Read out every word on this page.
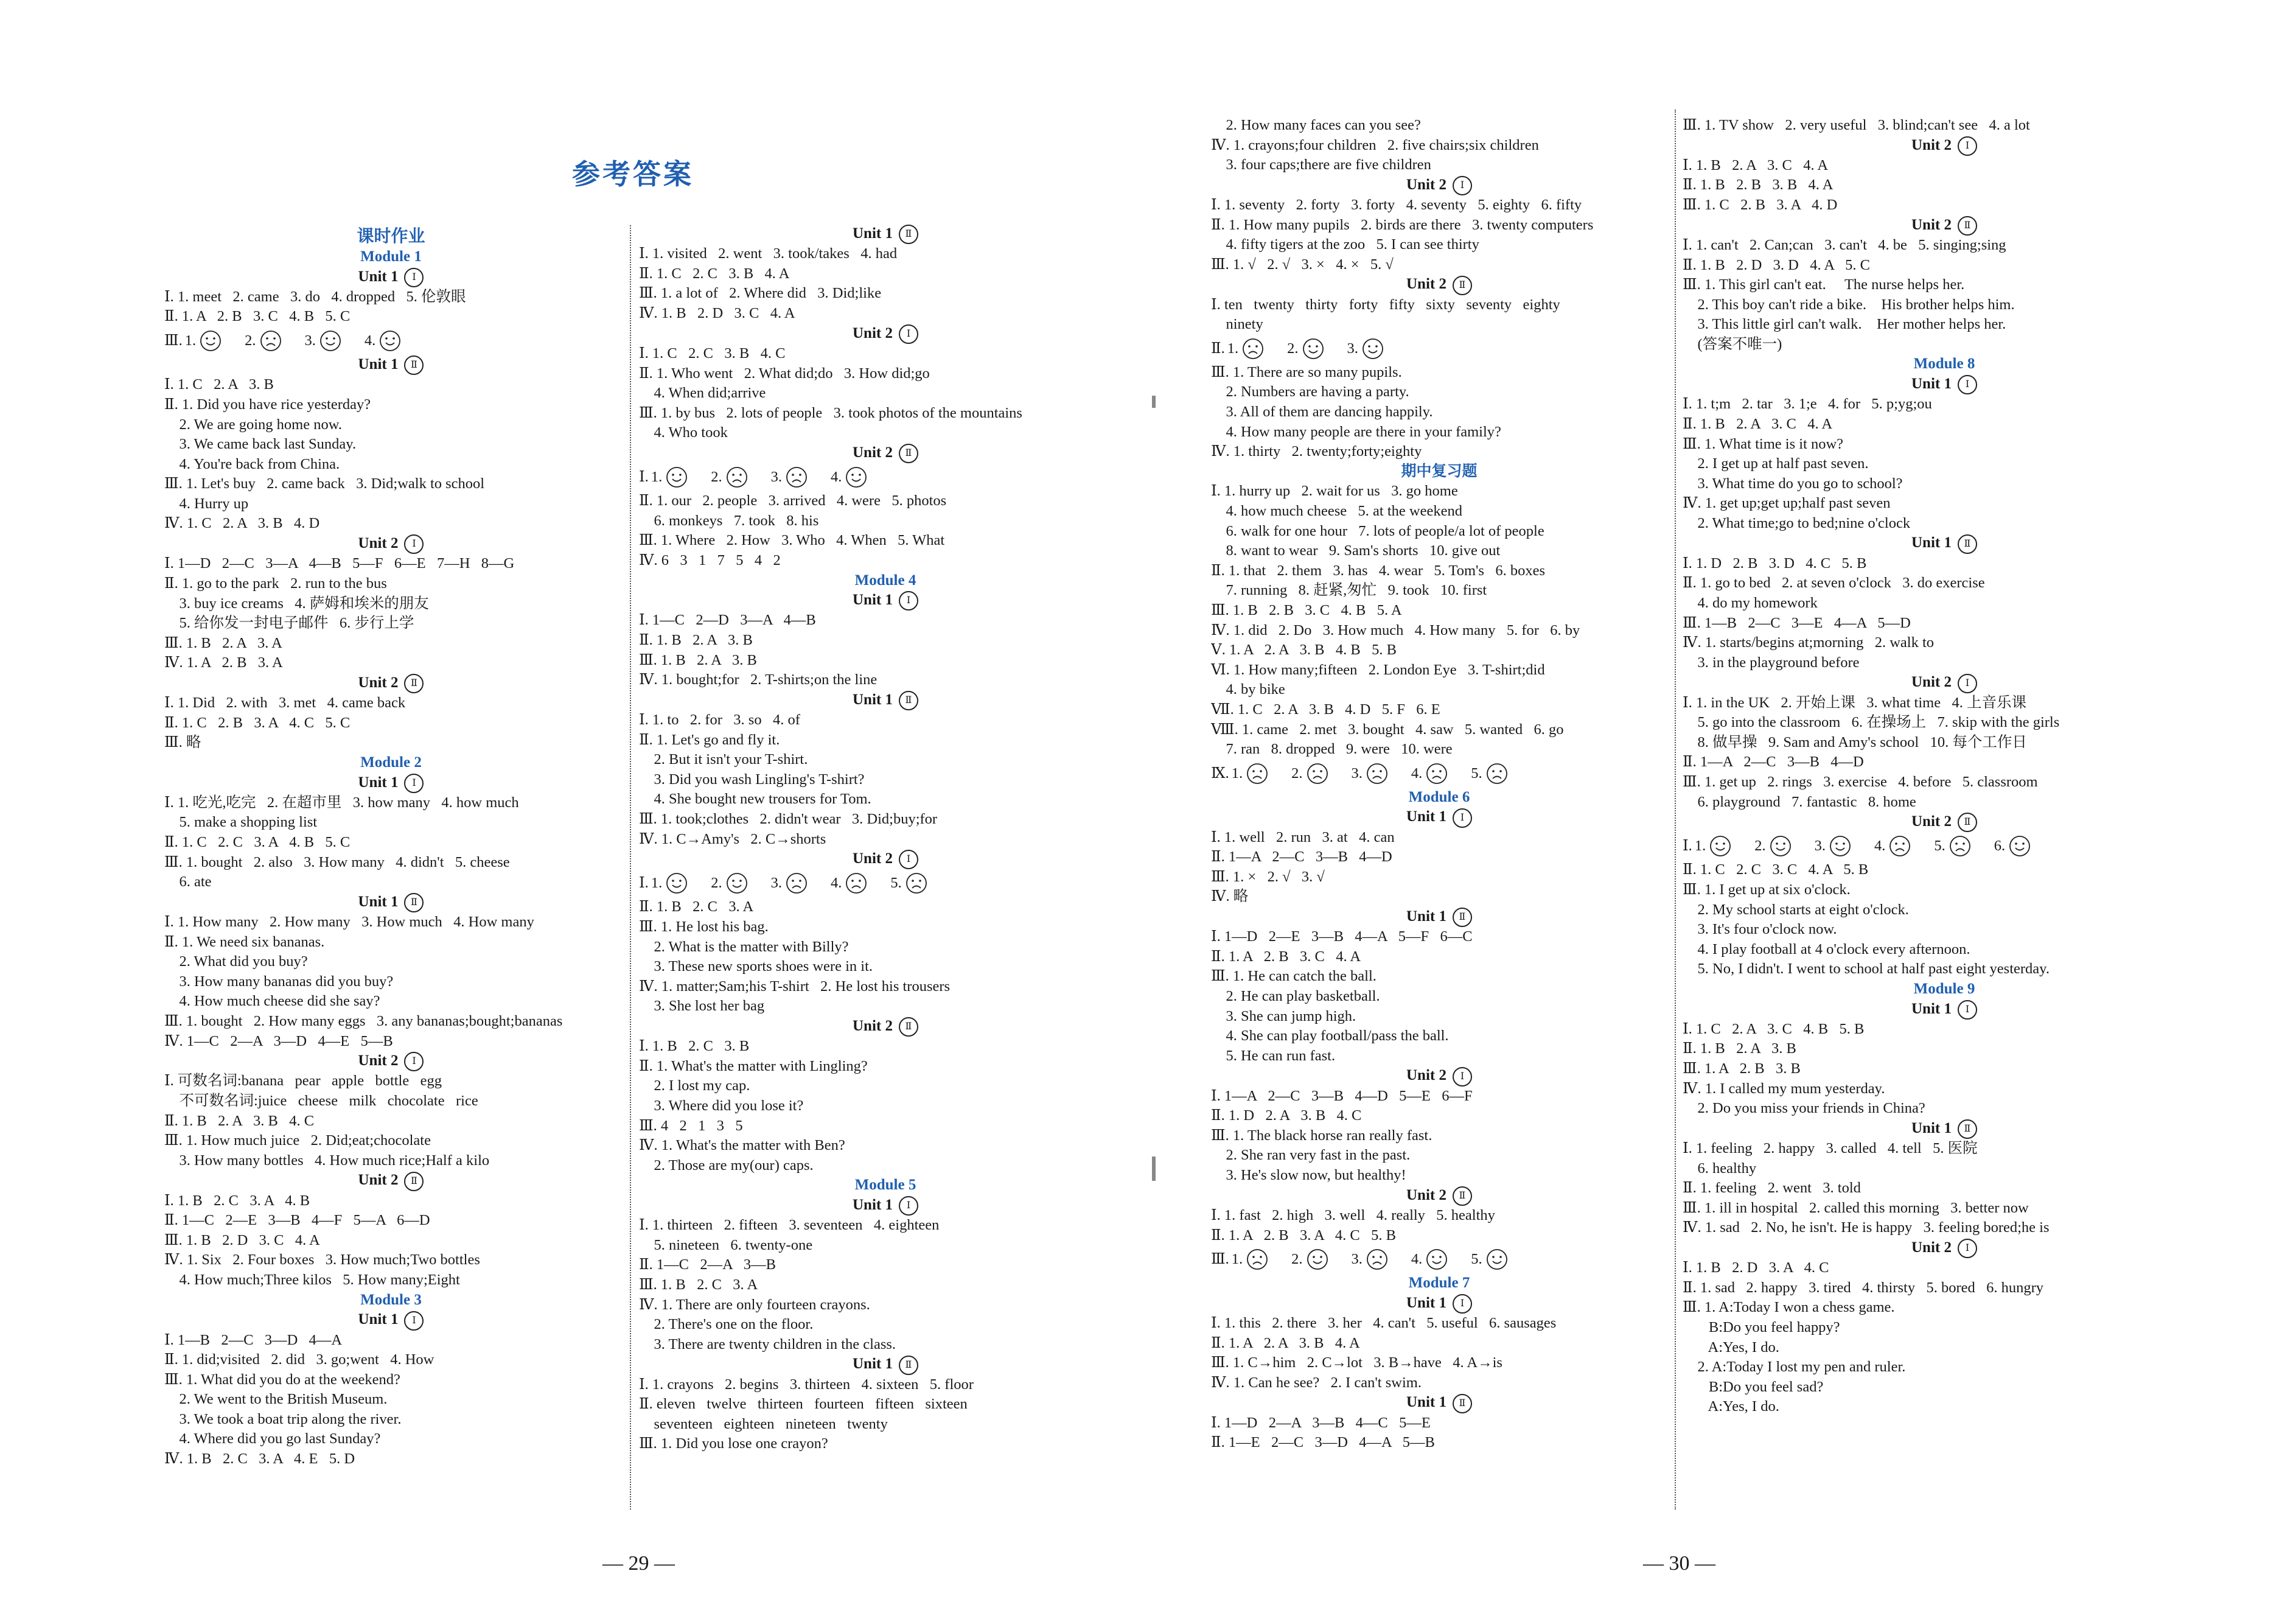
参考答案
课时作业
Module 1
Unit 1 Ⅰ
Ⅰ. 1. meet   2. came   3. do   4. dropped   5. 伦敦眼
Ⅱ. 1. A   2. B   3. C   4. B   5. C
Ⅲ. 1.	2.	3.	4.
Unit 1 Ⅱ
Ⅰ. 1. C   2. A   3. B
Ⅱ. 1. Did you have rice yesterday?
2. We are going home now.
3. We came back last Sunday.
4. You're back from China.
Ⅲ. 1. Let's buy   2. came back   3. Did;walk to school
4. Hurry up
Ⅳ. 1. C   2. A   3. B   4. D
Unit 2 Ⅰ
Ⅰ. 1—D   2—C   3—A   4—B   5—F   6—E   7—H   8—G
Ⅱ. 1. go to the park   2. run to the bus
3. buy ice creams   4. 萨姆和埃米的朋友
5. 给你发一封电子邮件   6. 步行上学
Ⅲ. 1. B   2. A   3. A
Ⅳ. 1. A   2. B   3. A
Unit 2 Ⅱ
Ⅰ. 1. Did   2. with   3. met   4. came back
Ⅱ. 1. C   2. B   3. A   4. C   5. C
Ⅲ. 略
Module 2
Unit 1 Ⅰ
Ⅰ. 1. 吃光,吃完   2. 在超市里   3. how many   4. how much
5. make a shopping list
Ⅱ. 1. C   2. C   3. A   4. B   5. C
Ⅲ. 1. bought   2. also   3. How many   4. didn't   5. cheese
6. ate
Unit 1 Ⅱ
Ⅰ. 1. How many   2. How many   3. How much   4. How many
Ⅱ. 1. We need six bananas.
2. What did you buy?
3. How many bananas did you buy?
4. How much cheese did she say?
Ⅲ. 1. bought   2. How many eggs   3. any bananas;bought;bananas
Ⅳ. 1—C   2—A   3—D   4—E   5—B
Unit 2 Ⅰ
Ⅰ. 可数名词:banana   pear   apple   bottle   egg
不可数名词:juice   cheese   milk   chocolate   rice
Ⅱ. 1. B   2. A   3. B   4. C
Ⅲ. 1. How much juice   2. Did;eat;chocolate
3. How many bottles   4. How much rice;Half a kilo
Unit 2 Ⅱ
Ⅰ. 1. B   2. C   3. A   4. B
Ⅱ. 1—C   2—E   3—B   4—F   5—A   6—D
Ⅲ. 1. B   2. D   3. C   4. A
Ⅳ. 1. Six   2. Four boxes   3. How much;Two bottles
4. How much;Three kilos   5. How many;Eight
Module 3
Unit 1 Ⅰ
Ⅰ. 1—B   2—C   3—D   4—A
Ⅱ. 1. did;visited   2. did   3. go;went   4. How
Ⅲ. 1. What did you do at the weekend?
2. We went to the British Museum.
3. We took a boat trip along the river.
4. Where did you go last Sunday?
Ⅳ. 1. B   2. C   3. A   4. E   5. D
Unit 1 Ⅱ
Ⅰ. 1. visited   2. went   3. took/takes   4. had
Ⅱ. 1. C   2. C   3. B   4. A
Ⅲ. 1. a lot of   2. Where did   3. Did;like
Ⅳ. 1. B   2. D   3. C   4. A
Unit 2 Ⅰ
Ⅰ. 1. C   2. C   3. B   4. C
Ⅱ. 1. Who went   2. What did;do   3. How did;go
4. When did;arrive
Ⅲ. 1. by bus   2. lots of people   3. took photos of the mountains
4. Who took
Unit 2 Ⅱ
Ⅰ. 1.	2.	3.	4.
Ⅱ. 1. our   2. people   3. arrived   4. were   5. photos
6. monkeys   7. took   8. his
Ⅲ. 1. Where   2. How   3. Who   4. When   5. What
Ⅳ. 6   3   1   7   5   4   2
Module 4
Unit 1 Ⅰ
Ⅰ. 1—C   2—D   3—A   4—B
Ⅱ. 1. B   2. A   3. B
Ⅲ. 1. B   2. A   3. B
Ⅳ. 1. bought;for   2. T-shirts;on the line
Unit 1 Ⅱ
Ⅰ. 1. to   2. for   3. so   4. of
Ⅱ. 1. Let's go and fly it.
2. But it isn't your T-shirt.
3. Did you wash Lingling's T-shirt?
4. She bought new trousers for Tom.
Ⅲ. 1. took;clothes   2. didn't wear   3. Did;buy;for
Ⅳ. 1. C→Amy's   2. C→shorts
Unit 2 Ⅰ
Ⅰ. 1.	2.	3.	4.	5.
Ⅱ. 1. B   2. C   3. A
Ⅲ. 1. He lost his bag.
2. What is the matter with Billy?
3. These new sports shoes were in it.
Ⅳ. 1. matter;Sam;his T-shirt   2. He lost his trousers
3. She lost her bag
Unit 2 Ⅱ
Ⅰ. 1. B   2. C   3. B
Ⅱ. 1. What's the matter with Lingling?
2. I lost my cap.
3. Where did you lose it?
Ⅲ. 4   2   1   3   5
Ⅳ. 1. What's the matter with Ben?
2. Those are my(our) caps.
Module 5
Unit 1 Ⅰ
Ⅰ. 1. thirteen   2. fifteen   3. seventeen   4. eighteen
5. nineteen   6. twenty-one
Ⅱ. 1—C   2—A   3—B
Ⅲ. 1. B   2. C   3. A
Ⅳ. 1. There are only fourteen crayons.
2. There's one on the floor.
3. There are twenty children in the class.
Unit 1 Ⅱ
Ⅰ. 1. crayons   2. begins   3. thirteen   4. sixteen   5. floor
Ⅱ. eleven   twelve   thirteen   fourteen   fifteen   sixteen
seventeen   eighteen   nineteen   twenty
Ⅲ. 1. Did you lose one crayon?
2. How many faces can you see?
Ⅳ. 1. crayons;four children   2. five chairs;six children
3. four caps;there are five children
Unit 2 Ⅰ
Ⅰ. 1. seventy   2. forty   3. forty   4. seventy   5. eighty   6. fifty
Ⅱ. 1. How many pupils   2. birds are there   3. twenty computers
4. fifty tigers at the zoo   5. I can see thirty
Ⅲ. 1. √   2. √   3. ×   4. ×   5. √
Unit 2 Ⅱ
Ⅰ. ten   twenty   thirty   forty   fifty   sixty   seventy   eighty
ninety
Ⅱ. 1.	2.	3.
Ⅲ. 1. There are so many pupils.
2. Numbers are having a party.
3. All of them are dancing happily.
4. How many people are there in your family?
Ⅳ. 1. thirty   2. twenty;forty;eighty
期中复习题
Ⅰ. 1. hurry up   2. wait for us   3. go home
4. how much cheese   5. at the weekend
6. walk for one hour   7. lots of people/a lot of people
8. want to wear   9. Sam's shorts   10. give out
Ⅱ. 1. that   2. them   3. has   4. wear   5. Tom's   6. boxes
7. running   8. 赶紧,匆忙   9. took   10. first
Ⅲ. 1. B   2. B   3. C   4. B   5. A
Ⅳ. 1. did   2. Do   3. How much   4. How many   5. for   6. by
Ⅴ. 1. A   2. A   3. B   4. B   5. B
Ⅵ. 1. How many;fifteen   2. London Eye   3. T-shirt;did
4. by bike
Ⅶ. 1. C   2. A   3. B   4. D   5. F   6. E
Ⅷ. 1. came   2. met   3. bought   4. saw   5. wanted   6. go
7. ran   8. dropped   9. were   10. were
Ⅸ. 1.	2.	3.	4.	5.
Module 6
Unit 1 Ⅰ
Ⅰ. 1. well   2. run   3. at   4. can
Ⅱ. 1—A   2—C   3—B   4—D
Ⅲ. 1. ×   2. √   3. √
Ⅳ. 略
Unit 1 Ⅱ
Ⅰ. 1—D   2—E   3—B   4—A   5—F   6—C
Ⅱ. 1. A   2. B   3. C   4. A
Ⅲ. 1. He can catch the ball.
2. He can play basketball.
3. She can jump high.
4. She can play football/pass the ball.
5. He can run fast.
Unit 2 Ⅰ
Ⅰ. 1—A   2—C   3—B   4—D   5—E   6—F
Ⅱ. 1. D   2. A   3. B   4. C
Ⅲ. 1. The black horse ran really fast.
2. She ran very fast in the past.
3. He's slow now, but healthy!
Unit 2 Ⅱ
Ⅰ. 1. fast   2. high   3. well   4. really   5. healthy
Ⅱ. 1. A   2. B   3. A   4. C   5. B
Ⅲ. 1.	2.	3.	4.	5.
Module 7
Unit 1 Ⅰ
Ⅰ. 1. this   2. there   3. her   4. can't   5. useful   6. sausages
Ⅱ. 1. A   2. A   3. B   4. A
Ⅲ. 1. C→him   2. C→lot   3. B→have   4. A→is
Ⅳ. 1. Can he see?   2. I can't swim.
Unit 1 Ⅱ
Ⅰ. 1—D   2—A   3—B   4—C   5—E
Ⅱ. 1—E   2—C   3—D   4—A   5—B
Ⅲ. 1. TV show   2. very useful   3. blind;can't see   4. a lot
Unit 2 Ⅰ
Ⅰ. 1. B   2. A   3. C   4. A
Ⅱ. 1. B   2. B   3. B   4. A
Ⅲ. 1. C   2. B   3. A   4. D
Unit 2 Ⅱ
Ⅰ. 1. can't   2. Can;can   3. can't   4. be   5. singing;sing
Ⅱ. 1. B   2. D   3. D   4. A   5. C
Ⅲ. 1. This girl can't eat.     The nurse helps her.
2. This boy can't ride a bike.    His brother helps him.
3. This little girl can't walk.    Her mother helps her.
(答案不唯一)
Module 8
Unit 1 Ⅰ
Ⅰ. 1. t;m   2. tar   3. 1;e   4. for   5. p;yg;ou
Ⅱ. 1. B   2. A   3. C   4. A
Ⅲ. 1. What time is it now?
2. I get up at half past seven.
3. What time do you go to school?
Ⅳ. 1. get up;get up;half past seven
2. What time;go to bed;nine o'clock
Unit 1 Ⅱ
Ⅰ. 1. D   2. B   3. D   4. C   5. B
Ⅱ. 1. go to bed   2. at seven o'clock   3. do exercise
4. do my homework
Ⅲ. 1—B   2—C   3—E   4—A   5—D
Ⅳ. 1. starts/begins at;morning   2. walk to
3. in the playground before
Unit 2 Ⅰ
Ⅰ. 1. in the UK   2. 开始上课   3. what time   4. 上音乐课
5. go into the classroom   6. 在操场上   7. skip with the girls
8. 做早操   9. Sam and Amy's school   10. 每个工作日
Ⅱ. 1—A   2—C   3—B   4—D
Ⅲ. 1. get up   2. rings   3. exercise   4. before   5. classroom
6. playground   7. fantastic   8. home
Unit 2 Ⅱ
Ⅰ. 1.	2.	3.	4.	5.	6.
Ⅱ. 1. C   2. C   3. C   4. A   5. B
Ⅲ. 1. I get up at six o'clock.
2. My school starts at eight o'clock.
3. It's four o'clock now.
4. I play football at 4 o'clock every afternoon.
5. No, I didn't. I went to school at half past eight yesterday.
Module 9
Unit 1 Ⅰ
Ⅰ. 1. C   2. A   3. C   4. B   5. B
Ⅱ. 1. B   2. A   3. B
Ⅲ. 1. A   2. B   3. B
Ⅳ. 1. I called my mum yesterday.
2. Do you miss your friends in China?
Unit 1 Ⅱ
Ⅰ. 1. feeling   2. happy   3. called   4. tell   5. 医院
6. healthy
Ⅱ. 1. feeling   2. went   3. told
Ⅲ. 1. ill in hospital   2. called this morning   3. better now
Ⅳ. 1. sad   2. No, he isn't. He is happy   3. feeling bored;he is
Unit 2 Ⅰ
Ⅰ. 1. B   2. D   3. A   4. C
Ⅱ. 1. sad   2. happy   3. tired   4. thirsty   5. bored   6. hungry
Ⅲ. 1. A:Today I won a chess game.
B:Do you feel happy?
A:Yes, I do.
2. A:Today I lost my pen and ruler.
B:Do you feel sad?
A:Yes, I do.
— 29 —	— 30 —
